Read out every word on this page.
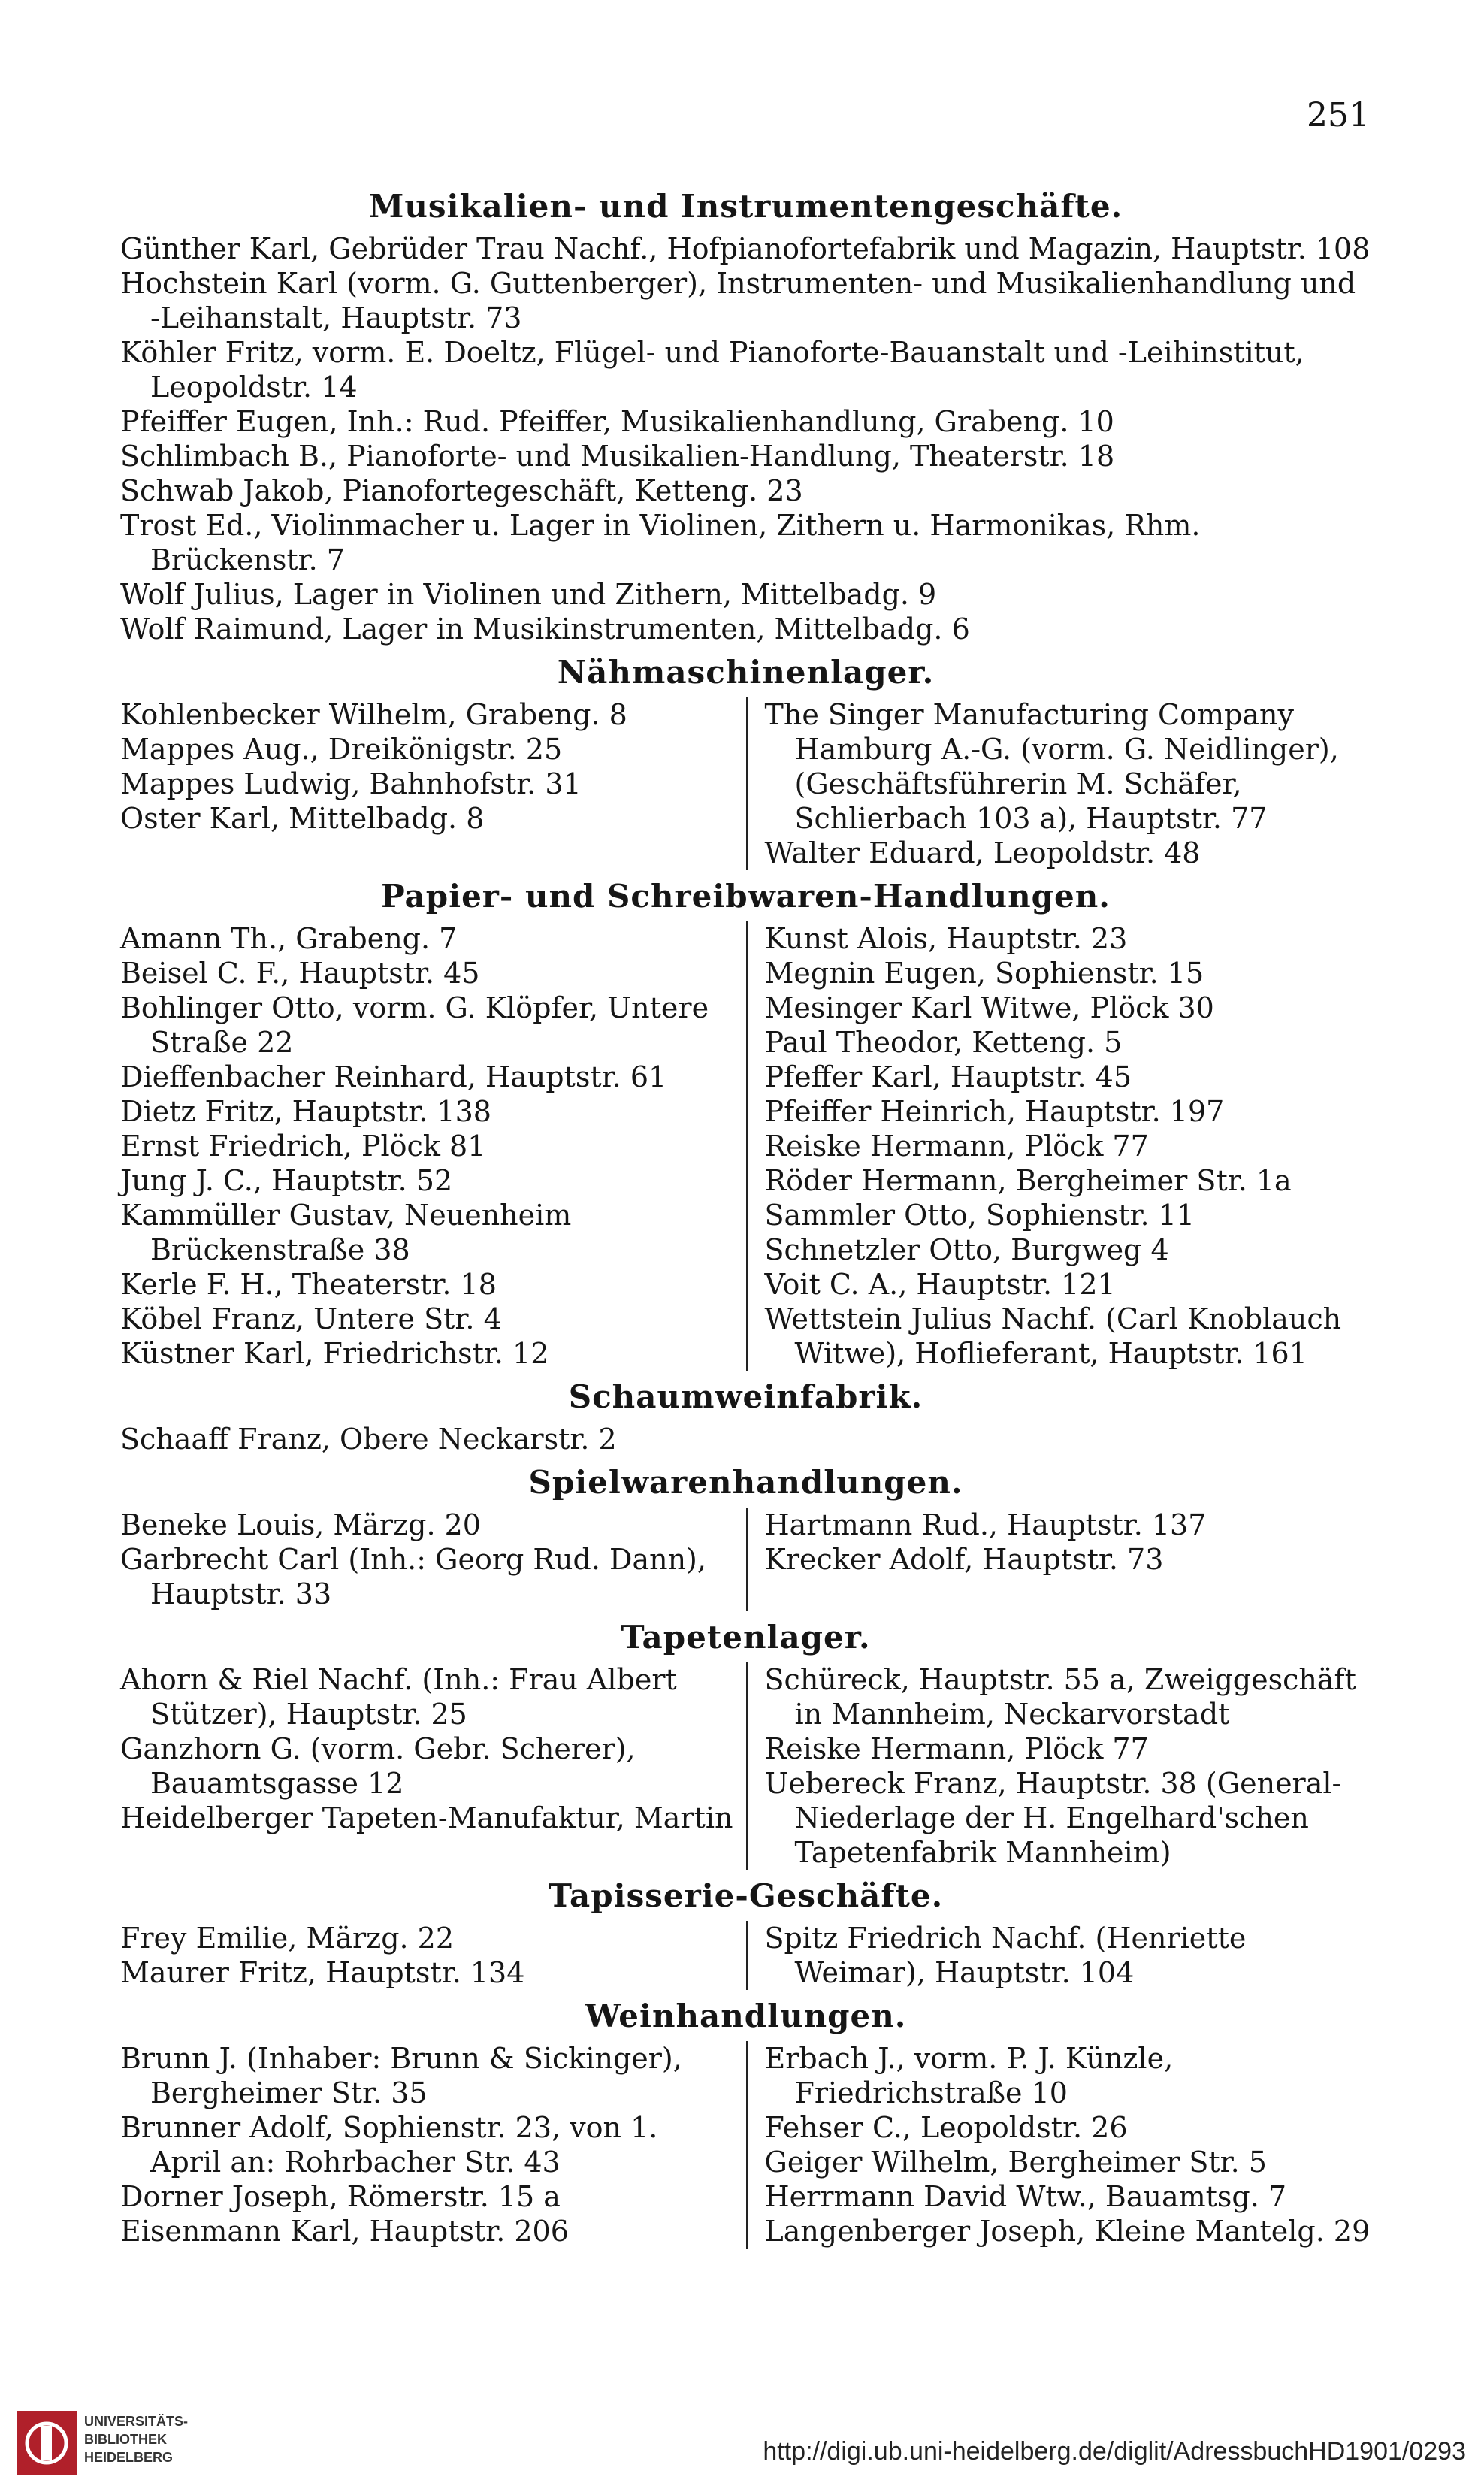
251
Musikalien- und Instrumentengeschäfte.
Günther Karl, Gebrüder Trau Nachf., Hofpianofortefabrik und Magazin, Hauptstr. 108
Hochstein Karl (vorm. G. Guttenberger), Instrumenten- und Musikalienhandlung und -Leihanstalt, Hauptstr. 73
Köhler Fritz, vorm. E. Doeltz, Flügel- und Pianoforte-Bauanstalt und -Leihinstitut, Leopoldstr. 14
Pfeiffer Eugen, Inh.: Rud. Pfeiffer, Musikalienhandlung, Grabeng. 10
Schlimbach B., Pianoforte- und Musikalien-Handlung, Theaterstr. 18
Schwab Jakob, Pianofortegeschäft, Ketteng. 23
Trost Ed., Violinmacher u. Lager in Violinen, Zithern u. Harmonikas, Rhm. Brückenstr. 7
Wolf Julius, Lager in Violinen und Zithern, Mittelbadg. 9
Wolf Raimund, Lager in Musikinstrumenten, Mittelbadg. 6
Nähmaschinenlager.
Kohlenbecker Wilhelm, Grabeng. 8
Mappes Aug., Dreikönigstr. 25
Mappes Ludwig, Bahnhofstr. 31
Oster Karl, Mittelbadg. 8
The Singer Manufacturing Company Hamburg A.-G. (vorm. G. Neidlinger), (Geschäftsführerin M. Schäfer, Schlierbach 103 a), Hauptstr. 77
Walter Eduard, Leopoldstr. 48
Papier- und Schreibwaren-Handlungen.
Amann Th., Grabeng. 7
Beisel C. F., Hauptstr. 45
Bohlinger Otto, vorm. G. Klöpfer, Untere Straße 22
Dieffenbacher Reinhard, Hauptstr. 61
Dietz Fritz, Hauptstr. 138
Ernst Friedrich, Plöck 81
Jung J. C., Hauptstr. 52
Kammüller Gustav, Neuenheim Brückenstraße 38
Kerle F. H., Theaterstr. 18
Köbel Franz, Untere Str. 4
Küstner Karl, Friedrichstr. 12
Kunst Alois, Hauptstr. 23
Megnin Eugen, Sophienstr. 15
Mesinger Karl Witwe, Plöck 30
Paul Theodor, Ketteng. 5
Pfeffer Karl, Hauptstr. 45
Pfeiffer Heinrich, Hauptstr. 197
Reiske Hermann, Plöck 77
Röder Hermann, Bergheimer Str. 1a
Sammler Otto, Sophienstr. 11
Schnetzler Otto, Burgweg 4
Voit C. A., Hauptstr. 121
Wettstein Julius Nachf. (Carl Knoblauch Witwe), Hoflieferant, Hauptstr. 161
Schaumweinfabrik.
Schaaff Franz, Obere Neckarstr. 2
Spielwarenhandlungen.
Beneke Louis, Märzg. 20
Garbrecht Carl (Inh.: Georg Rud. Dann), Hauptstr. 33
Hartmann Rud., Hauptstr. 137
Krecker Adolf, Hauptstr. 73
Tapetenlager.
Ahorn & Riel Nachf. (Inh.: Frau Albert Stützer), Hauptstr. 25
Ganzhorn G. (vorm. Gebr. Scherer), Bauamtsgasse 12
Heidelberger Tapeten-Manufaktur, Martin
Schüreck, Hauptstr. 55 a, Zweiggeschäft in Mannheim, Neckarvorstadt
Reiske Hermann, Plöck 77
Uebereck Franz, Hauptstr. 38 (General-Niederlage der H. Engelhard'schen Tapetenfabrik Mannheim)
Tapisserie-Geschäfte.
Frey Emilie, Märzg. 22
Maurer Fritz, Hauptstr. 134
Spitz Friedrich Nachf. (Henriette Weimar), Hauptstr. 104
Weinhandlungen.
Brunn J. (Inhaber: Brunn & Sickinger), Bergheimer Str. 35
Brunner Adolf, Sophienstr. 23, von 1. April an: Rohrbacher Str. 43
Dorner Joseph, Römerstr. 15 a
Eisenmann Karl, Hauptstr. 206
Erbach J., vorm. P. J. Künzle, Friedrichstraße 10
Fehser C., Leopoldstr. 26
Geiger Wilhelm, Bergheimer Str. 5
Herrmann David Wtw., Bauamtsg. 7
Langenberger Joseph, Kleine Mantelg. 29
UNIVERSITÄTS-
BIBLIOTHEK
HEIDELBERG	http://digi.ub.uni-heidelberg.de/diglit/AdressbuchHD1901/0293
